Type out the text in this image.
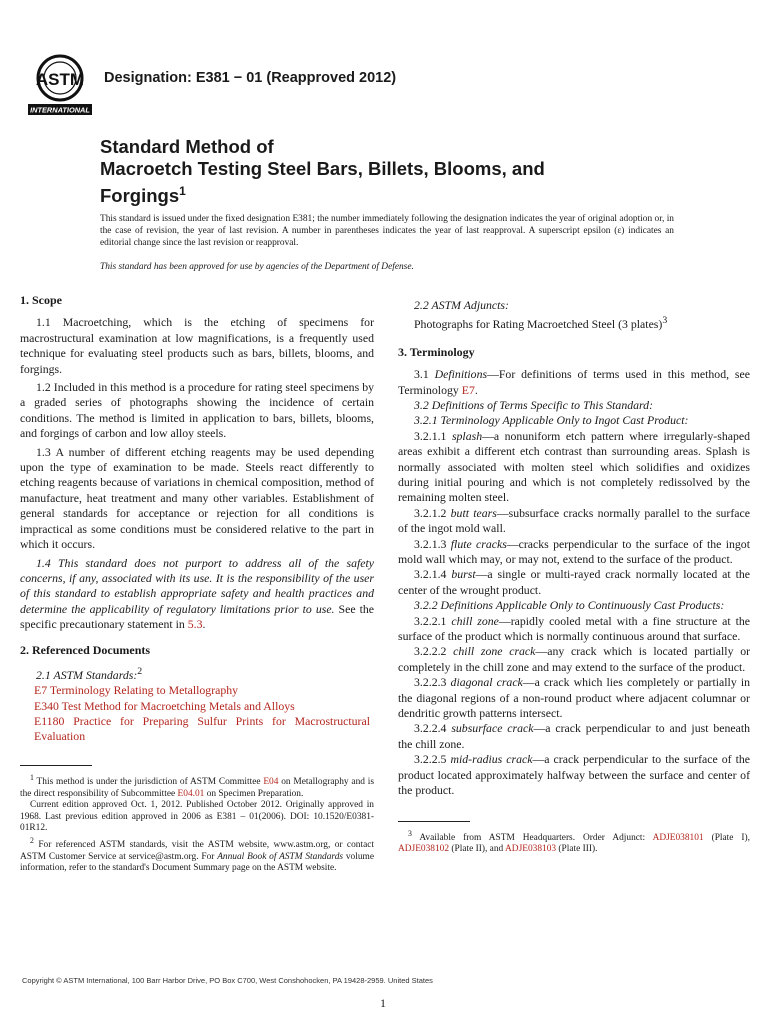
ASTM
INTERNATIONAL
Designation: E381 − 01 (Reapproved 2012)
Standard Method of
Macroetch Testing Steel Bars, Billets, Blooms, and
Forgings$^1$
This standard is issued under the fixed designation E381; the number immediately following the designation indicates the year of original adoption or, in the case of revision, the year of last revision. A number in parentheses indicates the year of last reapproval. A superscript epsilon (ε) indicates an editorial change since the last revision or reapproval.
This standard has been approved for use by agencies of the Department of Defense.
1. Scope

1.1 Macroetching, which is the etching of specimens for macrostructural examination at low magnifications, is a frequently used technique for evaluating steel products such as bars, billets, blooms, and forgings.

1.2 Included in this method is a procedure for rating steel specimens by a graded series of photographs showing the incidence of certain conditions. The method is limited in application to bars, billets, blooms, and forgings of carbon and low alloy steels.

1.3 A number of different etching reagents may be used depending upon the type of examination to be made. Steels react differently to etching reagents because of variations in chemical composition, method of manufacture, heat treatment and many other variables. Establishment of general standards for acceptance or rejection for all conditions is impractical as some conditions must be considered relative to the part in which it occurs.

1.4 This standard does not purport to address all of the safety concerns, if any, associated with its use. It is the responsibility of the user of this standard to establish appropriate safety and health practices and determine the applicability of regulatory limitations prior to use. See the specific precautionary statement in 5.3.

2. Referenced Documents

2.1 ASTM Standards:$^2$

E7 Terminology Relating to Metallography
E340 Test Method for Macroetching Metals and Alloys
E1180 Practice for Preparing Sulfur Prints for Macrostructural Evaluation

$^1$ This method is under the jurisdiction of ASTM Committee E04 on Metallography and is the direct responsibility of Subcommittee E04.01 on Specimen Preparation.

Current edition approved Oct. 1, 2012. Published October 2012. Originally approved in 1968. Last previous edition approved in 2006 as E381 – 01(2006). DOI: 10.1520/E0381-01R12.

$^2$ For referenced ASTM standards, visit the ASTM website, www.astm.org, or contact ASTM Customer Service at service@astm.org. For Annual Book of ASTM Standards volume information, refer to the standard's Document Summary page on the ASTM website.

2.2 ASTM Adjuncts:

Photographs for Rating Macroetched Steel (3 plates)$^3$

3. Terminology

3.1 Definitions—For definitions of terms used in this method, see Terminology E7.

3.2 Definitions of Terms Specific to This Standard:

3.2.1 Terminology Applicable Only to Ingot Cast Product:

3.2.1.1 splash—a nonuniform etch pattern where irregularly-shaped areas exhibit a different etch contrast than surrounding areas. Splash is normally associated with molten steel which solidifies and oxidizes during initial pouring and which is not completely redissolved by the remaining molten steel.

3.2.1.2 butt tears—subsurface cracks normally parallel to the surface of the ingot mold wall.

3.2.1.3 flute cracks—cracks perpendicular to the surface of the ingot mold wall which may, or may not, extend to the surface of the product.

3.2.1.4 burst—a single or multi-rayed crack normally located at the center of the wrought product.

3.2.2 Definitions Applicable Only to Continuously Cast Products:

3.2.2.1 chill zone—rapidly cooled metal with a fine structure at the surface of the product which is normally continuous around that surface.

3.2.2.2 chill zone crack—any crack which is located partially or completely in the chill zone and may extend to the surface of the product.

3.2.2.3 diagonal crack—a crack which lies completely or partially in the diagonal regions of a non-round product where adjacent columnar or dendritic growth patterns intersect.

3.2.2.4 subsurface crack—a crack perpendicular to and just beneath the chill zone.

3.2.2.5 mid-radius crack—a crack perpendicular to the surface of the product located approximately halfway between the surface and center of the product.

$^3$ Available from ASTM Headquarters. Order Adjunct: ADJE038101 (Plate I), ADJE038102 (Plate II), and ADJE038103 (Plate III).

Copyright © ASTM International, 100 Barr Harbor Drive, PO Box C700, West Conshohocken, PA 19428-2959. United States
1
